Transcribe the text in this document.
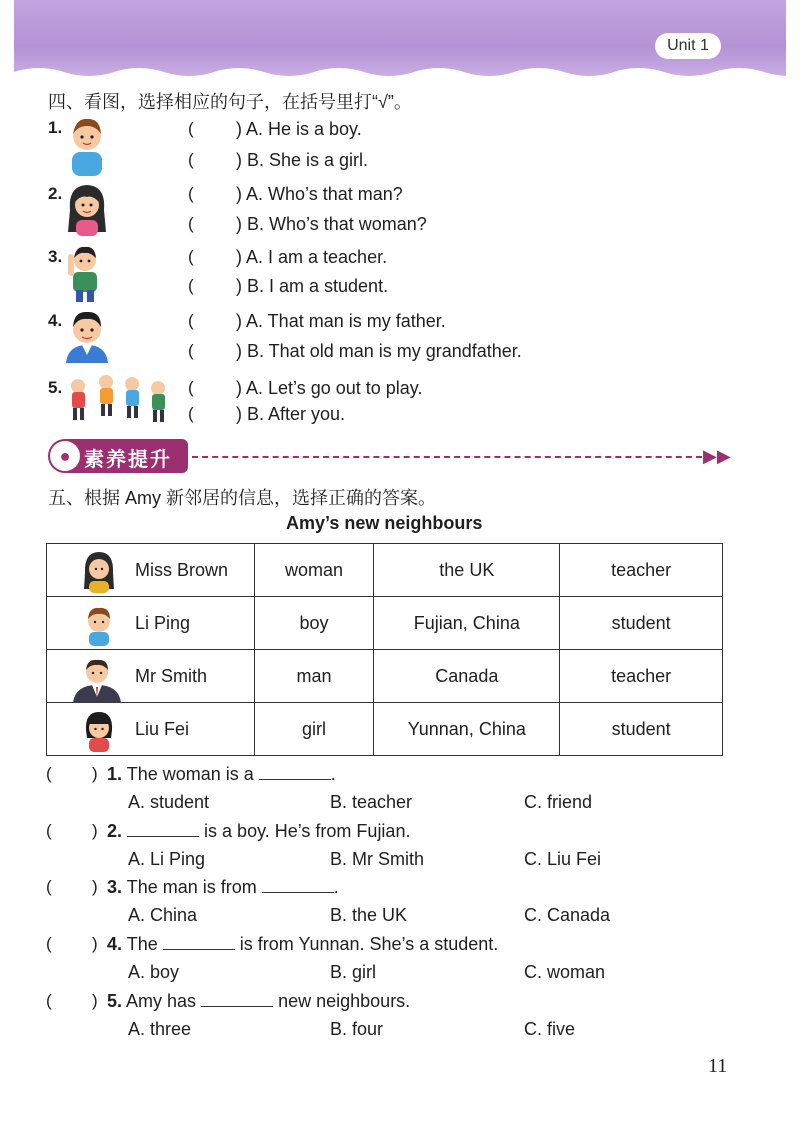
Unit 1
四、看图，选择相应的句子，在括号里打“√”。
1.	( ) A. He is a boy.
( ) B. She is a girl.
2.	( ) A. Who’s that man?
( ) B. Who’s that woman?
3.	( ) A. I am a teacher.
( ) B. I am a student.
4.	( ) A. That man is my father.
( ) B. That old man is my grandfather.
5.	( ) A. Let’s go out to play.
( ) B. After you.
● 素养提升	▶▶
五、根据 Amy 新邻居的信息，选择正确的答案。
Amy’s new neighbours
Miss Brown	woman	the UK	teacher

Li Ping	boy	Fujian, China	student

Mr Smith	man	Canada	teacher

Liu Fei	girl	Yunnan, China	student
( ) 1. The woman is a	.
A. student	B. teacher	C. friend
( ) 2.	is a boy. He’s from Fujian.
A. Li Ping	B. Mr Smith	C. Liu Fei
( ) 3. The man is from	.
A. China	B. the UK	C. Canada
( ) 4. The	is from Yunnan. She’s a student.
A. boy	B. girl	C. woman
( ) 5. Amy has	new neighbours.
A. three	B. four	C. five
11
